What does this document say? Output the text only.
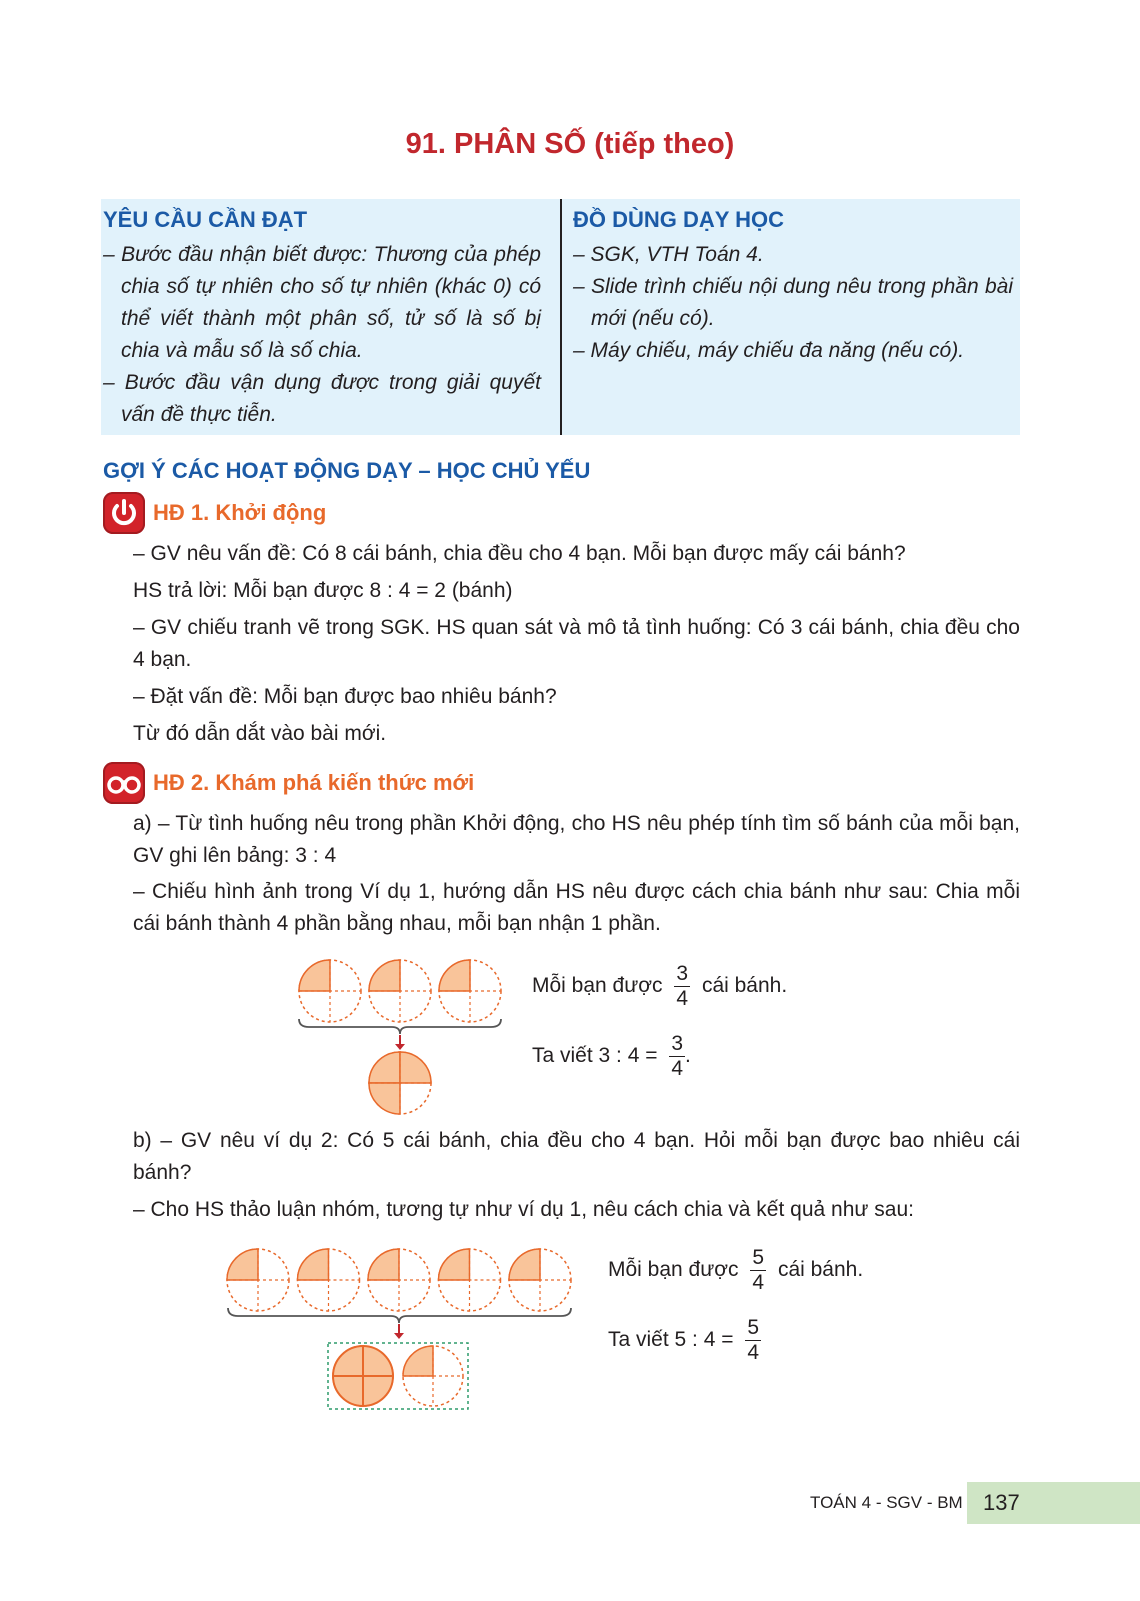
91. PHÂN SỐ (tiếp theo)

YÊU CẦU CẦN ĐẠT

– Bước đầu nhận biết được: Thương của phép chia số tự nhiên cho số tự nhiên (khác 0) có thể viết thành một phân số, tử số là số bị chia và mẫu số là số chia.
– Bước đầu vận dụng được trong giải quyết vấn đề thực tiễn.

ĐỒ DÙNG DẠY HỌC

– SGK, VTH Toán 4.
– Slide trình chiếu nội dung nêu trong phần bài mới (nếu có).
– Máy chiếu, máy chiếu đa năng (nếu có).

GỢI Ý CÁC HOẠT ĐỘNG DẠY – HỌC CHỦ YẾU

HĐ 1. Khởi động

– GV nêu vấn đề: Có 8 cái bánh, chia đều cho 4 bạn. Mỗi bạn được mấy cái bánh?

HS trả lời: Mỗi bạn được 8 : 4 = 2 (bánh)

– GV chiếu tranh vẽ trong SGK. HS quan sát và mô tả tình huống: Có 3 cái bánh, chia đều cho 4 bạn.

– Đặt vấn đề: Mỗi bạn được bao nhiêu bánh?

Từ đó dẫn dắt vào bài mới.

HĐ 2. Khám phá kiến thức mới

a) – Từ tình huống nêu trong phần Khởi động, cho HS nêu phép tính tìm số bánh của mỗi bạn, GV ghi lên bảng: 3 : 4

– Chiếu hình ảnh trong Ví dụ 1, hướng dẫn HS nêu được cách chia bánh như sau: Chia mỗi cái bánh thành 4 phần bằng nhau, mỗi bạn nhận 1 phần.

Mỗi bạn được $\frac{3}{4}$ cái bánh.
Ta viết 3 : $4 = \frac{3}{4}$ .

b) – GV nêu ví dụ 2: Có 5 cái bánh, chia đều cho 4 bạn. Hỏi mỗi bạn được bao nhiêu cái bánh?

– Cho HS thảo luận nhóm, tương tự như ví dụ 1, nêu cách chia và kết quả như sau:

Mỗi bạn được $\frac{5}{4}$ cái bánh.
Ta viết 5 : $4 = \frac{5}{4}$
TOÁN 4 - SGV - BM 137
